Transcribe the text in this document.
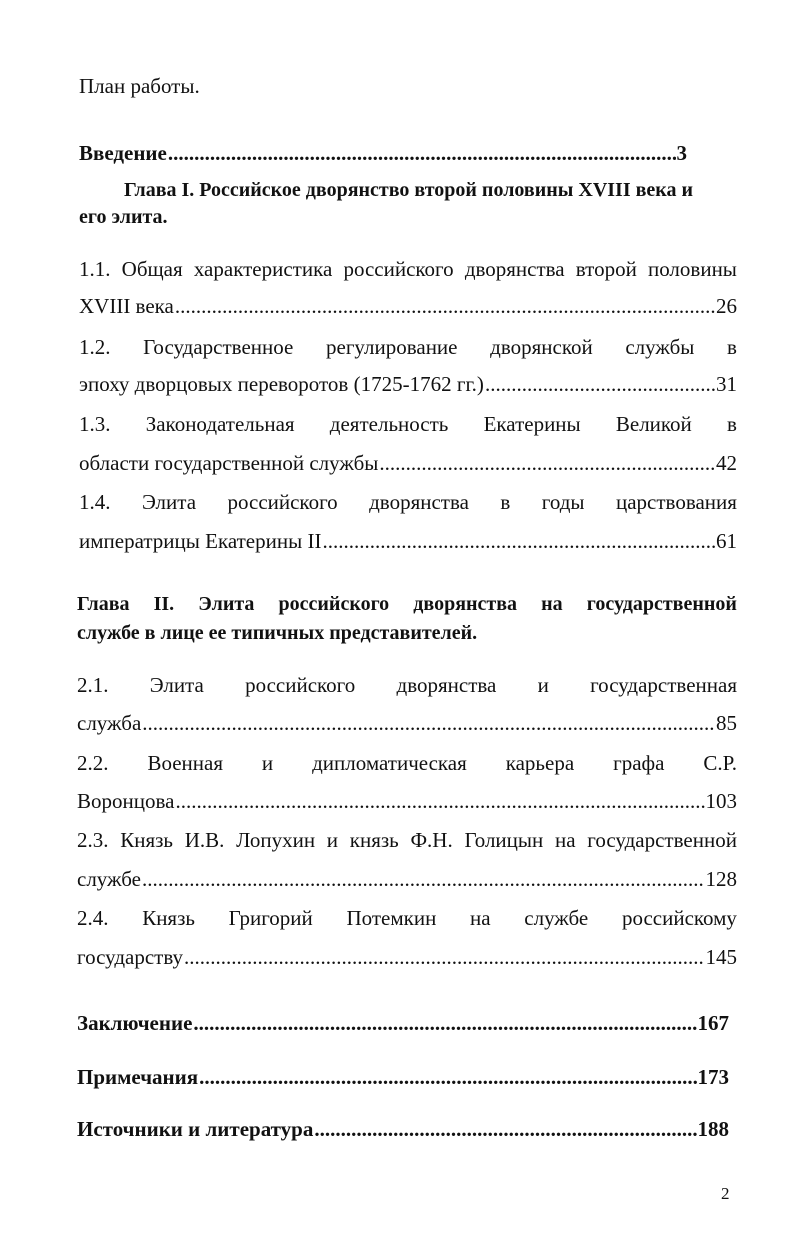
План работы.
Введение .....	3
Глава I. Российское дворянство второй половины XVIII века и
его элита.
1.1. Общая характеристика российского дворянства второй половины
XVIII века .....	26
1.2. Государственное регулирование дворянской службы в
эпоху дворцовых переворотов (1725-1762 гг.) .....	31
1.3. Законодательная деятельность Екатерины Великой в
области государственной службы .....	42
1.4. Элита российского дворянства в годы царствования
императрицы Екатерины II .....	61
Глава II. Элита российского дворянства на государственной
службе в лице ее типичных представителей.
2.1. Элита российского дворянства и государственная
служба .....	85
2.2. Военная и дипломатическая карьера графа С.Р.
Воронцова .....	103
2.3. Князь И.В. Лопухин и князь Ф.Н. Голицын на государственной
службе .....	128
2.4. Князь Григорий Потемкин на службе российскому
государству .....	145
Заключение .....	167
Примечания .....	173
Источники и литература .....	188
2
